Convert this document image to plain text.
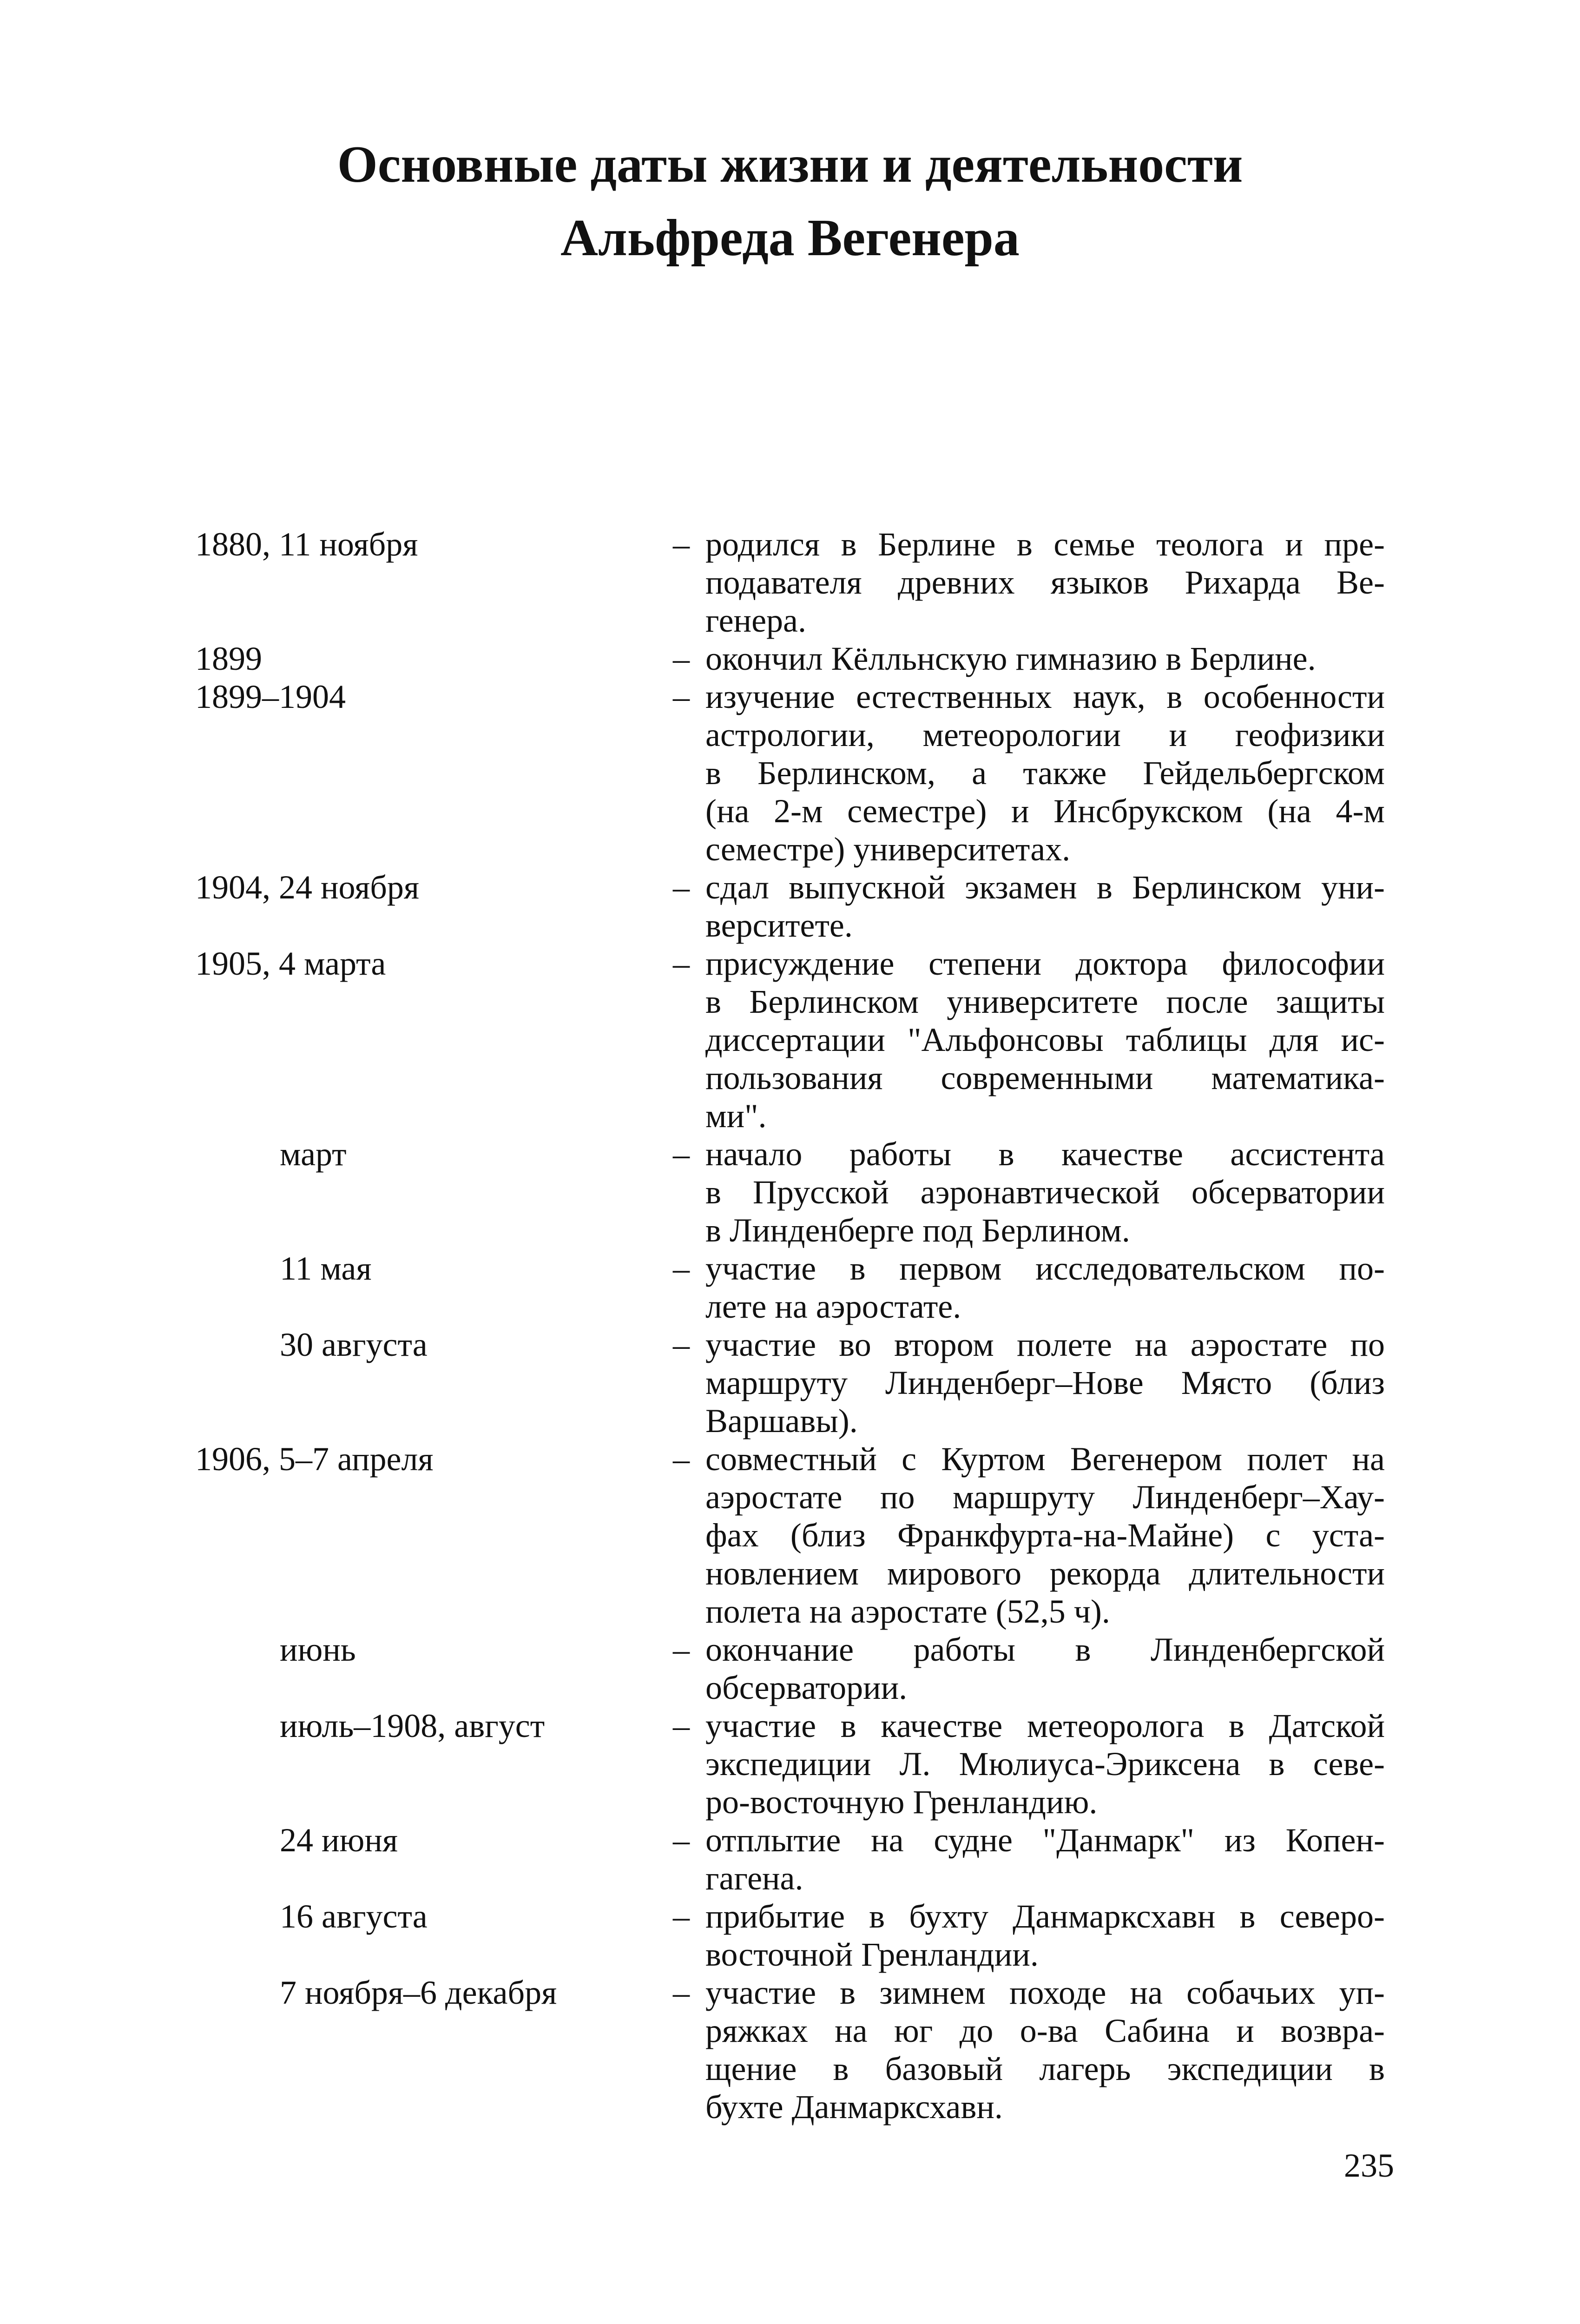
Основные даты жизни и деятельности
Альфреда Вегенера
1880, 11 ноября	– родился в Берлине в семье теолога и пре-
подавателя древних языков Рихарда Ве-
генера.
1899	– окончил Кёлльнскую гимназию в Берлине.
1899–1904	– изучение естественных наук, в особенности
астрологии, метеорологии и геофизики
в Берлинском, а также Гейдельбергском
(на 2-м семестре) и Инсбрукском (на 4-м
семестре) университетах.
1904, 24 ноября	– сдал выпускной экзамен в Берлинском уни-
верситете.
1905, 4 марта	– присуждение степени доктора философии
в Берлинском университете после защиты
диссертации "Альфонсовы таблицы для ис-
пользования современными математика-
ми".
март	– начало работы в качестве ассистента
в Прусской аэронавтической обсерватории
в Линденберге под Берлином.
11 мая	– участие в первом исследовательском по-
лете на аэростате.
30 августа	– участие во втором полете на аэростате по
маршруту Линденберг–Нове Място (близ
Варшавы).
1906, 5–7 апреля	– совместный с Куртом Вегенером полет на
аэростате по маршруту Линденберг–Хау-
фах (близ Франкфурта-на-Майне) с уста-
новлением мирового рекорда длительности
полета на аэростате (52,5 ч).
июнь	– окончание работы в Линденбергской
обсерватории.
июль–1908, август	– участие в качестве метеоролога в Датской
экспедиции Л. Мюлиуса-Эриксена в севе-
ро-восточную Гренландию.
24 июня	– отплытие на судне "Данмарк" из Копен-
гагена.
16 августа	– прибытие в бухту Данмарксхавн в северо-
восточной Гренландии.
7 ноября–6 декабря	– участие в зимнем походе на собачьих уп-
ряжках на юг до о-ва Сабина и возвра-
щение в базовый лагерь экспедиции в
бухте Данмарксхавн.
235
